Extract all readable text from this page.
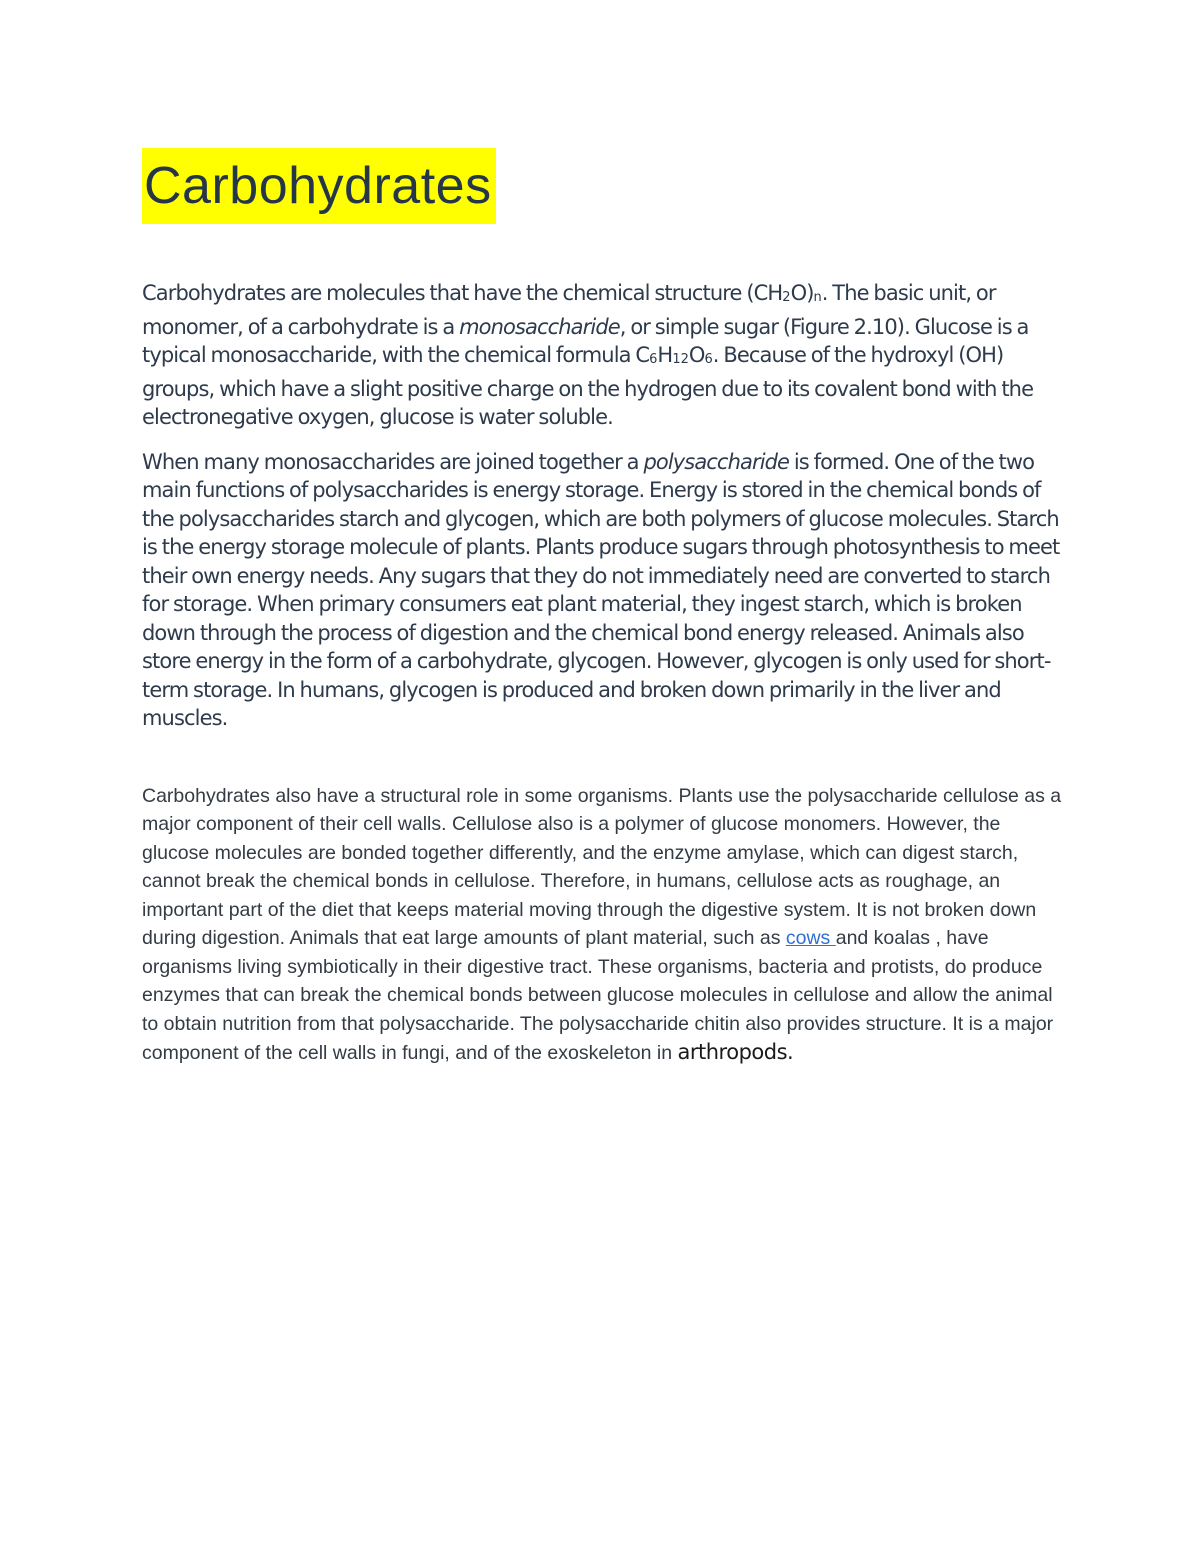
Carbohydrates

Carbohydrates are molecules that have the chemical structure (CH2O)n. The basic unit, or monomer, of a carbohydrate is a monosaccharide, or simple sugar (Figure 2.10). Glucose is a typical monosaccharide, with the chemical formula C6H12O6. Because of the hydroxyl (OH) groups, which have a slight positive charge on the hydrogen due to its covalent bond with the electronegative oxygen, glucose is water soluble.

When many monosaccharides are joined together a polysaccharide is formed. One of the two main functions of polysaccharides is energy storage. Energy is stored in the chemical bonds of the polysaccharides starch and glycogen, which are both polymers of glucose molecules. Starch is the energy storage molecule of plants. Plants produce sugars through photosynthesis to meet their own energy needs. Any sugars that they do not immediately need are converted to starch for storage. When primary consumers eat plant material, they ingest starch, which is broken down through the process of digestion and the chemical bond energy released. Animals also store energy in the form of a carbohydrate, glycogen. However, glycogen is only used for short-term storage. In humans, glycogen is produced and broken down primarily in the liver and muscles.

Carbohydrates also have a structural role in some organisms. Plants use the polysaccharide cellulose as a major component of their cell walls. Cellulose also is a polymer of glucose monomers. However, the glucose molecules are bonded together differently, and the enzyme amylase, which can digest starch, cannot break the chemical bonds in cellulose. Therefore, in humans, cellulose acts as roughage, an important part of the diet that keeps material moving through the digestive system. It is not broken down during digestion. Animals that eat large amounts of plant material, such as cows and koalas , have organisms living symbiotically in their digestive tract. These organisms, bacteria and protists, do produce enzymes that can break the chemical bonds between glucose molecules in cellulose and allow the animal to obtain nutrition from that polysaccharide. The polysaccharide chitin also provides structure. It is a major component of the cell walls in fungi, and of the exoskeleton in arthropods.
